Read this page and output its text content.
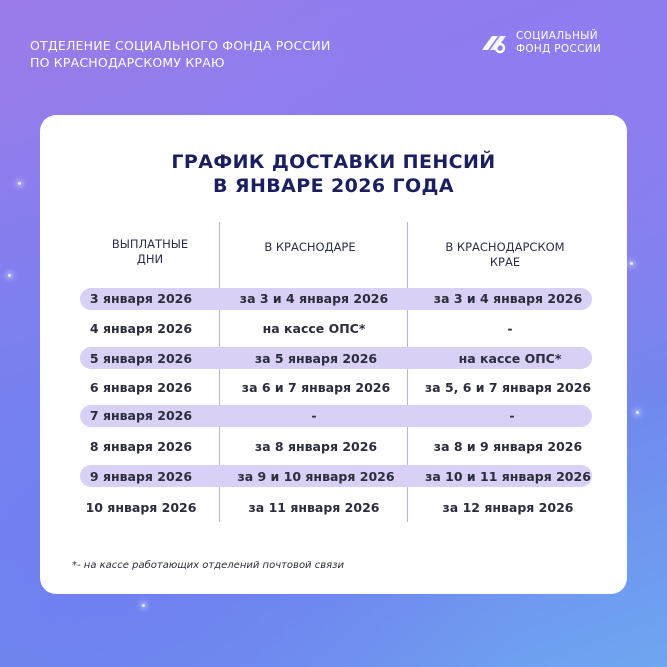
ОТДЕЛЕНИЕ СОЦИАЛЬНОГО ФОНДА РОССИИ
ПО КРАСНОДАРСКОМУ КРАЮ
СОЦИАЛЬНЫЙ
ФОНД РОССИИ
ГРАФИК ДОСТАВКИ ПЕНСИЙ
В ЯНВАРЕ 2026 ГОДА
ВЫПЛАТНЫЕ
ДНИ
В КРАСНОДАРЕ	В КРАСНОДАРСКОМ
КРАЕ
3 января 2026	за 3 и 4 января 2026	за 3 и 4 января 2026
4 января 2026	на кассе ОПС*	-
5 января 2026	за 5 января 2026	на кассе ОПС*
6 января 2026	за 6 и 7 января 2026	за 5, 6 и 7 января 2026
7 января 2026	-	-
8 января 2026	за 8 января 2026	за 8 и 9 января 2026
9 января 2026	за 9 и 10 января 2026 за 10 и 11 января 2026
10 января 2026	за 11 января 2026	за 12 января 2026
*- на кассе работающих отделений почтовой связи
